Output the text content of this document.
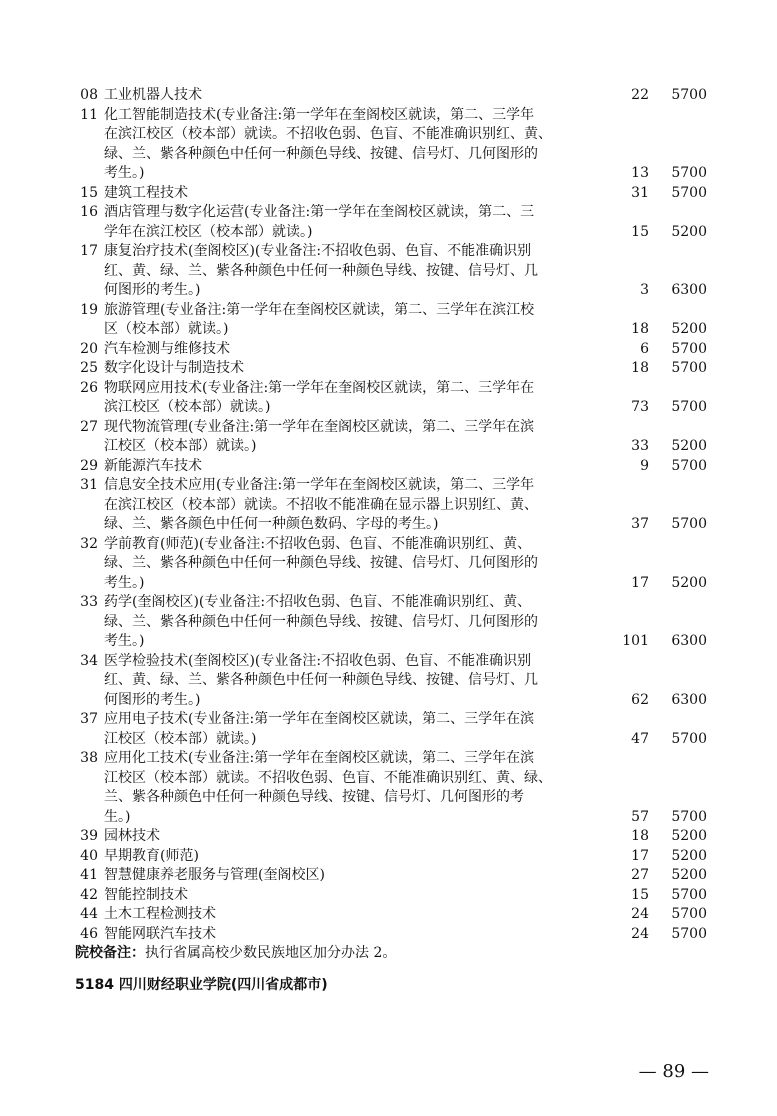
08 工业机器人技术	22	5700
11 化工智能制造技术(专业备注:第一学年在奎阁校区就读，第二、三学年
在滨江校区（校本部）就读。不招收色弱、色盲、不能准确识别红、黄、
绿、兰、紫各种颜色中任何一种颜色导线、按键、信号灯、几何图形的
考生。)	13	5700
15 建筑工程技术	31	5700
16 酒店管理与数字化运营(专业备注:第一学年在奎阁校区就读，第二、三
学年在滨江校区（校本部）就读。)	15	5200
17 康复治疗技术(奎阁校区)(专业备注:不招收色弱、色盲、不能准确识别
红、黄、绿、兰、紫各种颜色中任何一种颜色导线、按键、信号灯、几
何图形的考生。)	3	6300
19 旅游管理(专业备注:第一学年在奎阁校区就读，第二、三学年在滨江校
区（校本部）就读。)	18	5200
20 汽车检测与维修技术	6	5700
25 数字化设计与制造技术	18	5700
26 物联网应用技术(专业备注:第一学年在奎阁校区就读，第二、三学年在
滨江校区（校本部）就读。)	73	5700
27 现代物流管理(专业备注:第一学年在奎阁校区就读，第二、三学年在滨
江校区（校本部）就读。)	33	5200
29 新能源汽车技术	9	5700
31 信息安全技术应用(专业备注:第一学年在奎阁校区就读，第二、三学年
在滨江校区（校本部）就读。不招收不能准确在显示器上识别红、黄、
绿、兰、紫各颜色中任何一种颜色数码、字母的考生。)	37	5700
32 学前教育(师范)(专业备注:不招收色弱、色盲、不能准确识别红、黄、
绿、兰、紫各种颜色中任何一种颜色导线、按键、信号灯、几何图形的
考生。)	17	5200
33 药学(奎阁校区)(专业备注:不招收色弱、色盲、不能准确识别红、黄、
绿、兰、紫各种颜色中任何一种颜色导线、按键、信号灯、几何图形的
考生。)	101	6300
34 医学检验技术(奎阁校区)(专业备注:不招收色弱、色盲、不能准确识别
红、黄、绿、兰、紫各种颜色中任何一种颜色导线、按键、信号灯、几
何图形的考生。)	62	6300
37 应用电子技术(专业备注:第一学年在奎阁校区就读，第二、三学年在滨
江校区（校本部）就读。)	47	5700
38 应用化工技术(专业备注:第一学年在奎阁校区就读，第二、三学年在滨
江校区（校本部）就读。不招收色弱、色盲、不能准确识别红、黄、绿、
兰、紫各种颜色中任何一种颜色导线、按键、信号灯、几何图形的考
生。)	57	5700
39 园林技术	18	5200
40 早期教育(师范)	17	5200
41 智慧健康养老服务与管理(奎阁校区)	27	5200
42 智能控制技术	15	5700
44 土木工程检测技术	24	5700
46 智能网联汽车技术	24	5700
院校备注：执行省属高校少数民族地区加分办法 2。
5184 四川财经职业学院(四川省成都市)
— 89 —
